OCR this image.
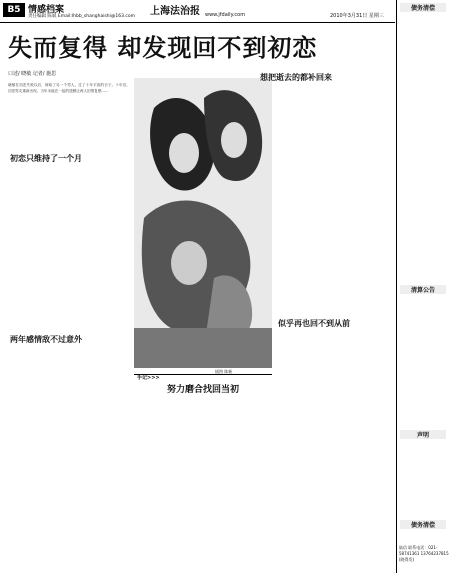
B5 情感档案
责任编辑 陈斌 Email:lhbb_shanghaishi@163.com 上海法治报 www.jfdaily.com	2010年3月31日 星期三
失而复得 却发现回不到初恋
口述/ 晓敏 记者/ 施思
晓敏在初恋失败以后，嫁给了另一个男人，过了十年平淡的日子。十年后，初恋男友重新出现，当年未能在一起的遗憾让两人旧情复燃……
初恋只维持了一个月
两年感情敌不过意外
插图 陈新
想把逝去的都补回来
似乎再也回不到从前
手记>>>
努力磨合找回当初
债务清偿
清算公告
声明
债务清偿
陆信 联系电话：021-58741361 13764237815 (晓得发)
